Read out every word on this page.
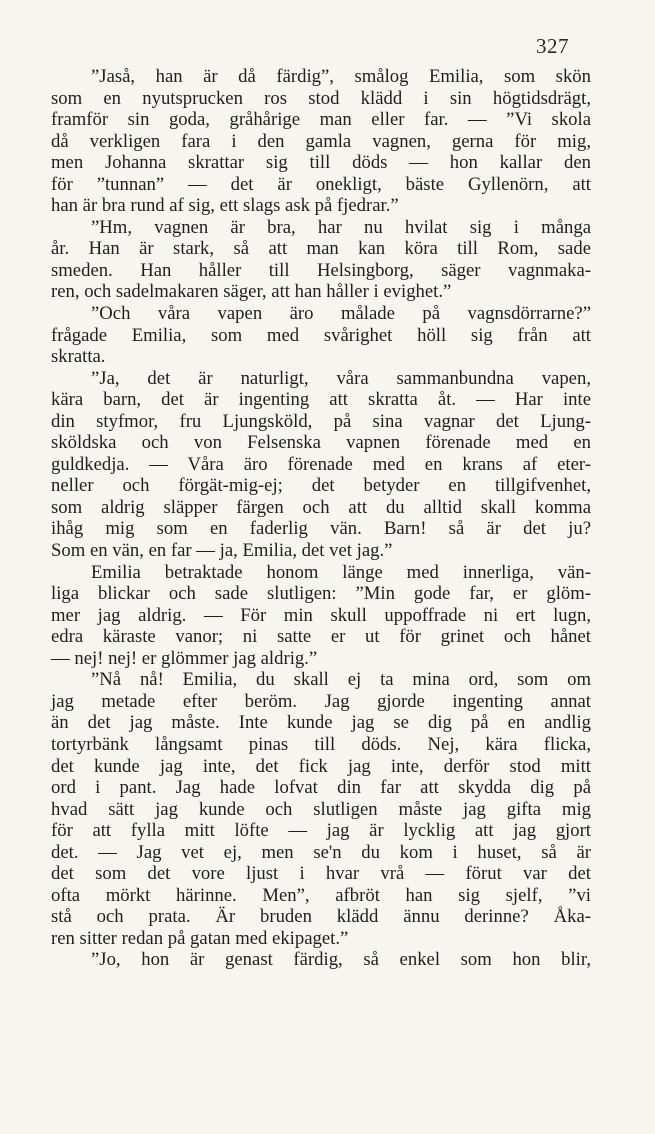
327
”Jaså, han är då färdig”, smålog Emilia, som skön
som en nyutsprucken ros stod klädd i sin högtidsdrägt,
framför sin goda, gråhårige man eller far. — ”Vi skola
då verkligen fara i den gamla vagnen, gerna för mig,
men Johanna skrattar sig till döds — hon kallar den
för ”tunnan” — det är onekligt, bäste Gyllenörn, att
han är bra rund af sig, ett slags ask på fjedrar.”
”Hm, vagnen är bra, har nu hvilat sig i många
år. Han är stark, så att man kan köra till Rom, sade
smeden. Han håller till Helsingborg, säger vagnmaka-
ren, och sadelmakaren säger, att han håller i evighet.”
”Och våra vapen äro målade på vagnsdörrarne?”
frågade Emilia, som med svårighet höll sig från att
skratta.
”Ja, det är naturligt, våra sammanbundna vapen,
kära barn, det är ingenting att skratta åt. — Har inte
din styfmor, fru Ljungsköld, på sina vagnar det Ljung-
sköldska och von Felsenska vapnen förenade med en
guldkedja. — Våra äro förenade med en krans af eter-
neller och förgät-mig-ej; det betyder en tillgifvenhet,
som aldrig släpper färgen och att du alltid skall komma
ihåg mig som en faderlig vän. Barn! så är det ju?
Som en vän, en far — ja, Emilia, det vet jag.”
Emilia betraktade honom länge med innerliga, vän-
liga blickar och sade slutligen: ”Min gode far, er glöm-
mer jag aldrig. — För min skull uppoffrade ni ert lugn,
edra käraste vanor; ni satte er ut för grinet och hånet
— nej! nej! er glömmer jag aldrig.”
”Nå nå! Emilia, du skall ej ta mina ord, som om
jag metade efter beröm. Jag gjorde ingenting annat
än det jag måste. Inte kunde jag se dig på en andlig
tortyrbänk långsamt pinas till döds. Nej, kära flicka,
det kunde jag inte, det fick jag inte, derför stod mitt
ord i pant. Jag hade lofvat din far att skydda dig på
hvad sätt jag kunde och slutligen måste jag gifta mig
för att fylla mitt löfte — jag är lycklig att jag gjort
det. — Jag vet ej, men se'n du kom i huset, så är
det som det vore ljust i hvar vrå — förut var det
ofta mörkt härinne. Men”, afbröt han sig sjelf, ”vi
stå och prata. Är bruden klädd ännu derinne? Åka-
ren sitter redan på gatan med ekipaget.”
”Jo, hon är genast färdig, så enkel som hon blir,
